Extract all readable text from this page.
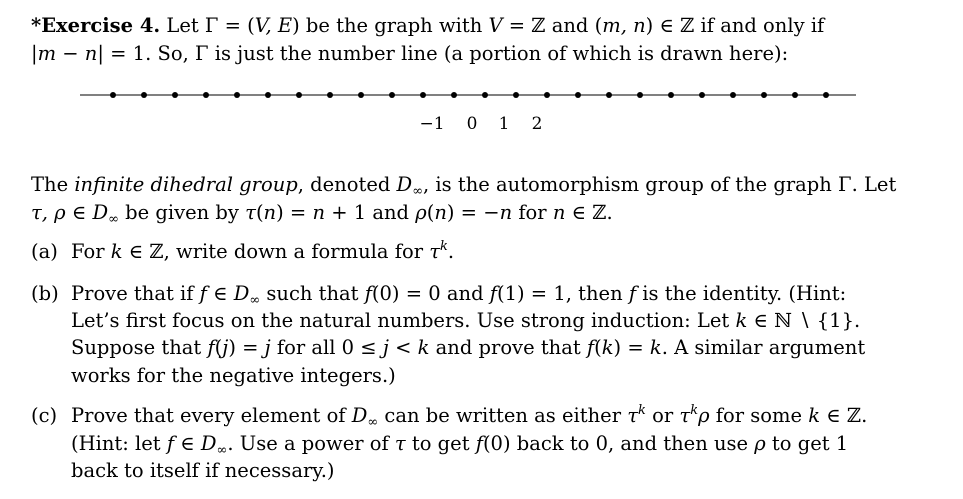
*Exercise 4. Let Γ = (V, E) be the graph with V = ℤ and (m, n) ∈ ℤ if and only if
|m − n| = 1. So, Γ is just the number line (a portion of which is drawn here):
−1 0 1 2
The infinite dihedral group, denoted $D_\infty$, is the automorphism group of the graph Γ. Let
τ, ρ ∈ $D_\infty$ be given by τ(n) = n + 1 and ρ(n) = −n for n ∈ ℤ.
(a) For k ∈ ℤ, write down a formula for $\tau^k$.
(b) Prove that if f ∈ $D_\infty$ such that f(0) = 0 and f(1) = 1, then f is the identity. (Hint:
Let’s first focus on the natural numbers. Use strong induction: Let k ∈ ℕ ∖ {1}.
Suppose that f(j) = j for all 0 ≤ j < k and prove that f(k) = k. A similar argument
works for the negative integers.)
(c) Prove that every element of $D_\infty$ can be written as either $\tau^k$ or $\tau^k\rho$ for some k ∈ ℤ.
(Hint: let f ∈ $D_\infty$. Use a power of τ to get f(0) back to 0, and then use ρ to get 1
back to itself if necessary.)
